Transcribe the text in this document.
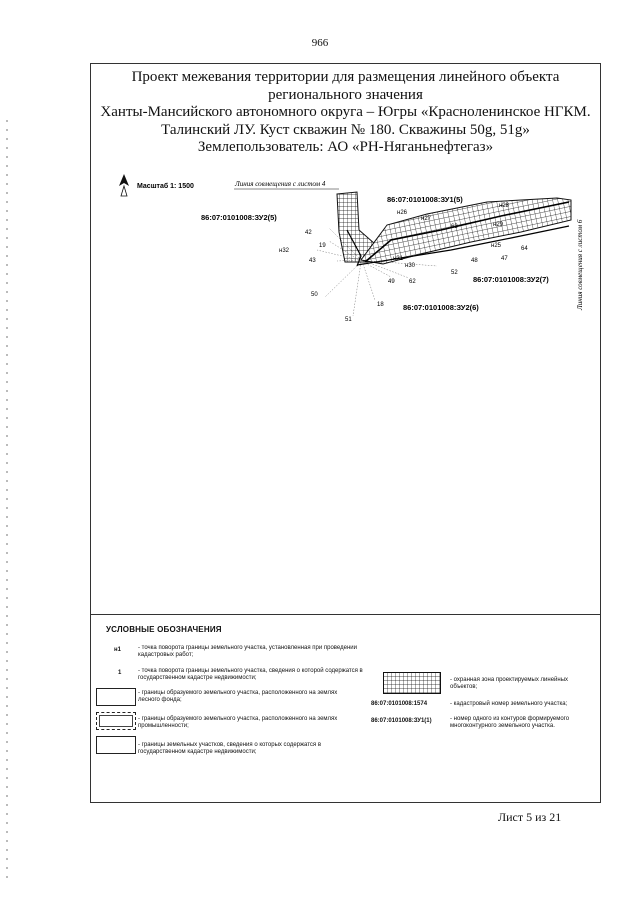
966
Проект межевания территории для размещения линейного объекта
регионального значения
Ханты-Мансийского автономного округа – Югры «Красноленинское НГКМ.
Талинский ЛУ. Куст скважин № 180. Скважины 50g, 51g»
Землепользователь: АО «РН-Няганьнефтегаз»
Масштаб 1: 1500	Линия совмещения с листом 4
Линия совмещения с листом 6
86:07:0101008:ЗУ1(5)
86:07:0101008:ЗУ2(5)
86:07:0101008:ЗУ2(7)
86:07:0101008:ЗУ2(6)
н28
н26
н27
42
н32
19
43	н31
н30
49 62
52
48	47
н25	64
50
18
51
н29
63
УСЛОВНЫЕ ОБОЗНАЧЕНИЯ
н1	- точка поворота границы земельного участка, установленная при проведении кадастровых работ;
1	- точка поворота границы земельного участка, сведения о которой содержатся в государственном кадастре недвижимости;
- границы образуемого земельного участка, расположенного на землях лесного фонда;
- границы образуемого земельного участка, расположенного на землях промышленности;
- границы земельных участков, сведения о которых содержатся в государственном кадастре недвижимости;
- охранная зона проектируемых линейных объектов;
86:07:0101008:1574	- кадастровый номер земельного участка;
86:07:0101008:ЗУ1(1)	- номер одного из контуров формируемого многоконтурного земельного участка.
Лист 5 из 21
